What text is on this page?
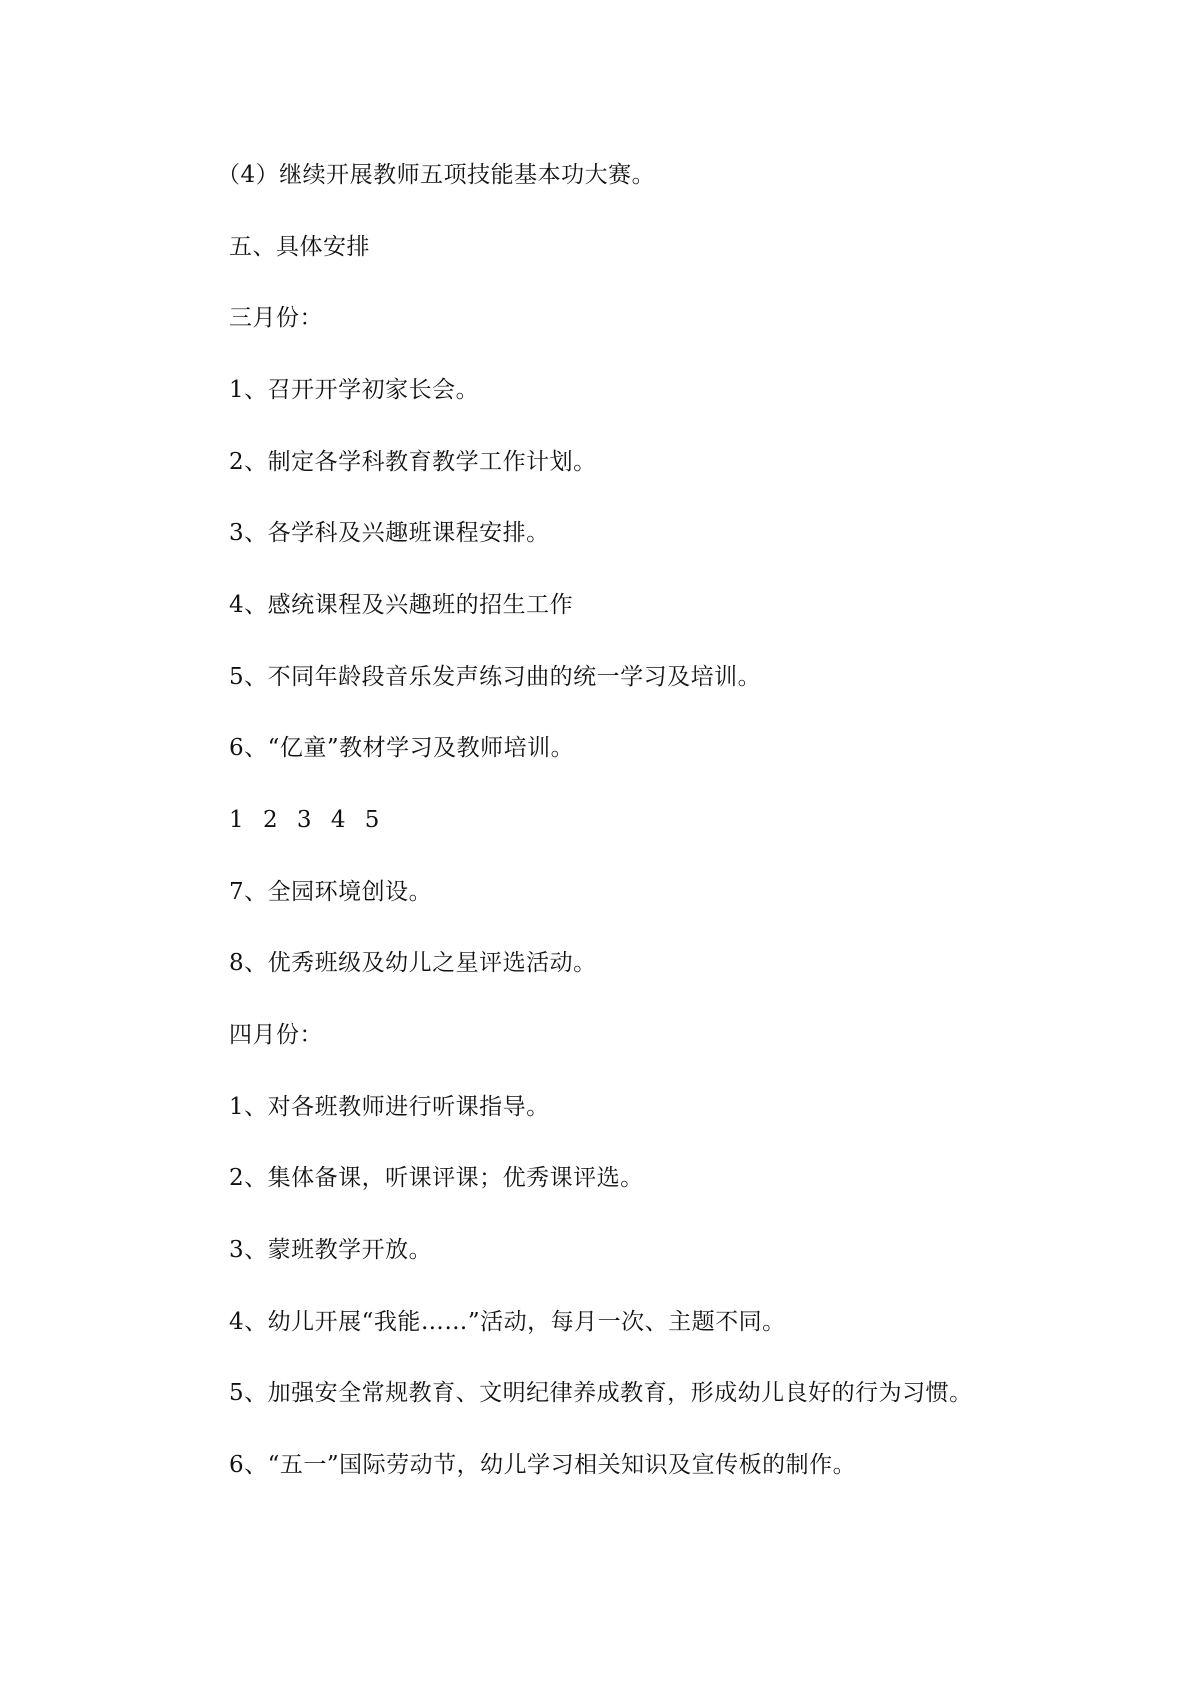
（4）继续开展教师五项技能基本功大赛。
五、具体安排
三月份：
1、召开开学初家长会。
2、制定各学科教育教学工作计划。
3、各学科及兴趣班课程安排。
4、感统课程及兴趣班的招生工作
5、不同年龄段音乐发声练习曲的统一学习及培训。
6、“亿童”教材学习及教师培训。
1 2 3 4 5
7、全园环境创设。
8、优秀班级及幼儿之星评选活动。
四月份：
1、对各班教师进行听课指导。
2、集体备课，听课评课；优秀课评选。
3、蒙班教学开放。
4、幼儿开展“我能……”活动，每月一次、主题不同。
5、加强安全常规教育、文明纪律养成教育，形成幼儿良好的行为习惯。
6、“五一”国际劳动节，幼儿学习相关知识及宣传板的制作。
